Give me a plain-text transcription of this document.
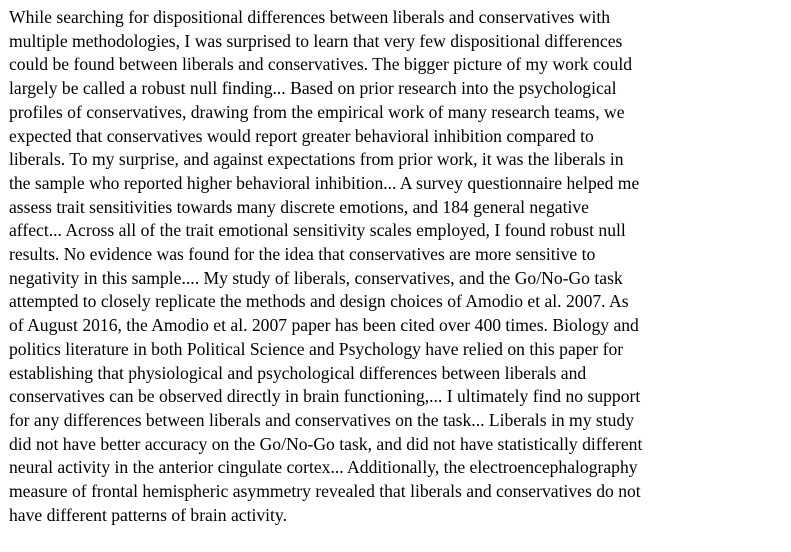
While searching for dispositional differences between liberals and conservatives with
multiple methodologies, I was surprised to learn that very few dispositional differences
could be found between liberals and conservatives. The bigger picture of my work could
largely be called a robust null finding... Based on prior research into the psychological
profiles of conservatives, drawing from the empirical work of many research teams, we
expected that conservatives would report greater behavioral inhibition compared to
liberals. To my surprise, and against expectations from prior work, it was the liberals in
the sample who reported higher behavioral inhibition... A survey questionnaire helped me
assess trait sensitivities towards many discrete emotions, and 184 general negative
affect... Across all of the trait emotional sensitivity scales employed, I found robust null
results. No evidence was found for the idea that conservatives are more sensitive to
negativity in this sample.... My study of liberals, conservatives, and the Go/No-Go task
attempted to closely replicate the methods and design choices of Amodio et al. 2007. As
of August 2016, the Amodio et al. 2007 paper has been cited over 400 times. Biology and
politics literature in both Political Science and Psychology have relied on this paper for
establishing that physiological and psychological differences between liberals and
conservatives can be observed directly in brain functioning,... I ultimately find no support
for any differences between liberals and conservatives on the task... Liberals in my study
did not have better accuracy on the Go/No-Go task, and did not have statistically different
neural activity in the anterior cingulate cortex... Additionally, the electroencephalography
measure of frontal hemispheric asymmetry revealed that liberals and conservatives do not
have different patterns of brain activity.
